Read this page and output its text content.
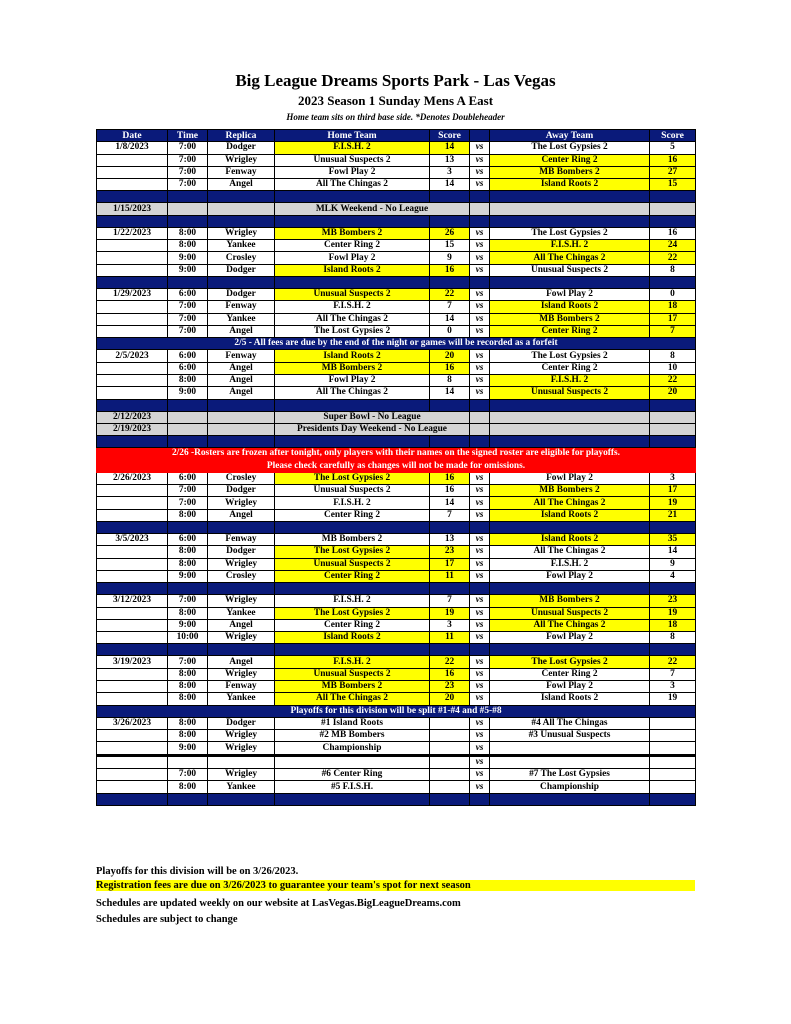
Big League Dreams Sports Park - Las Vegas
2023 Season 1 Sunday Mens A East
Home team sits on third base side. *Denotes Doubleheader
Date	Time	Replica	Home Team	Score		Away Team	Score
1/8/2023	7:00	Dodger	F.I.S.H. 2	14	vs	The Lost Gypsies 2	5
	7:00	Wrigley	Unusual Suspects 2	13	vs	Center Ring 2	16
	7:00	Fenway	Fowl Play 2	3	vs	MB Bombers 2	27
	7:00	Angel	All The Chingas 2	14	vs	Island Roots 2	15

1/15/2023			MLK Weekend - No League				

1/22/2023	8:00	Wrigley	MB Bombers 2	26	vs	The Lost Gypsies 2	16
	8:00	Yankee	Center Ring 2	15	vs	F.I.S.H. 2	24
	9:00	Crosley	Fowl Play 2	9	vs	All The Chingas 2	22
	9:00	Dodger	Island Roots 2	16	vs	Unusual Suspects 2	8

1/29/2023	6:00	Dodger	Unusual Suspects 2	22	vs	Fowl Play 2	0
	7:00	Fenway	F.I.S.H. 2	7	vs	Island Roots 2	18
	7:00	Yankee	All The Chingas 2	14	vs	MB Bombers 2	17
	7:00	Angel	The Lost Gypsies 2	0	vs	Center Ring 2	7
2/5 - All fees are due by the end of the night or games will be recorded as a forfeit							
2/5/2023	6:00	Fenway	Island Roots 2	20	vs	The Lost Gypsies 2	8
	6:00	Angel	MB Bombers 2	16	vs	Center Ring 2	10
	8:00	Angel	Fowl Play 2	8	vs	F.I.S.H. 2	22
	9:00	Angel	All The Chingas 2	14	vs	Unusual Suspects 2	20

2/12/2023			Super Bowl - No League				
2/19/2023			Presidents Day Weekend - No League				

2/26 -Rosters are frozen after tonight, only players with their names on the signed roster are eligible for playoffs.							
Please check carefully as changes will not be made for omissions.							
2/26/2023	6:00	Crosley	The Lost Gypsies 2	16	vs	Fowl Play 2	3
	7:00	Dodger	Unusual Suspects 2	16	vs	MB Bombers 2	17
	7:00	Wrigley	F.I.S.H. 2	14	vs	All The Chingas 2	19
	8:00	Angel	Center Ring 2	7	vs	Island Roots 2	21

3/5/2023	6:00	Fenway	MB Bombers 2	13	vs	Island Roots 2	35
	8:00	Dodger	The Lost Gypsies 2	23	vs	All The Chingas 2	14
	8:00	Wrigley	Unusual Suspects 2	17	vs	F.I.S.H. 2	9
	9:00	Crosley	Center Ring 2	11	vs	Fowl Play 2	4

3/12/2023	7:00	Wrigley	F.I.S.H. 2	7	vs	MB Bombers 2	23
	8:00	Yankee	The Lost Gypsies 2	19	vs	Unusual Suspects 2	19
	9:00	Angel	Center Ring 2	3	vs	All The Chingas 2	18
	10:00	Wrigley	Island Roots 2	11	vs	Fowl Play 2	8

3/19/2023	7:00	Angel	F.I.S.H. 2	22	vs	The Lost Gypsies 2	22
	8:00	Wrigley	Unusual Suspects 2	16	vs	Center Ring 2	7
	8:00	Fenway	MB Bombers 2	23	vs	Fowl Play 2	3
	8:00	Yankee	All The Chingas 2	20	vs	Island Roots 2	19
Playoffs for this division will be split #1-#4 and #5-#8							
3/26/2023	8:00	Dodger	#1 Island Roots		vs	#4 All The Chingas	
	8:00	Wrigley	#2 MB Bombers		vs	#3 Unusual Suspects	
	9:00	Wrigley	Championship		vs		
					vs		
	7:00	Wrigley	#6 Center Ring		vs	#7 The Lost Gypsies	
	8:00	Yankee	#5 F.I.S.H.		vs	Championship	

Playoffs for this division will be on 3/26/2023.
Registration fees are due on 3/26/2023 to guarantee your team's spot for next season
Schedules are updated weekly on our website at LasVegas.BigLeagueDreams.com
Schedules are subject to change
